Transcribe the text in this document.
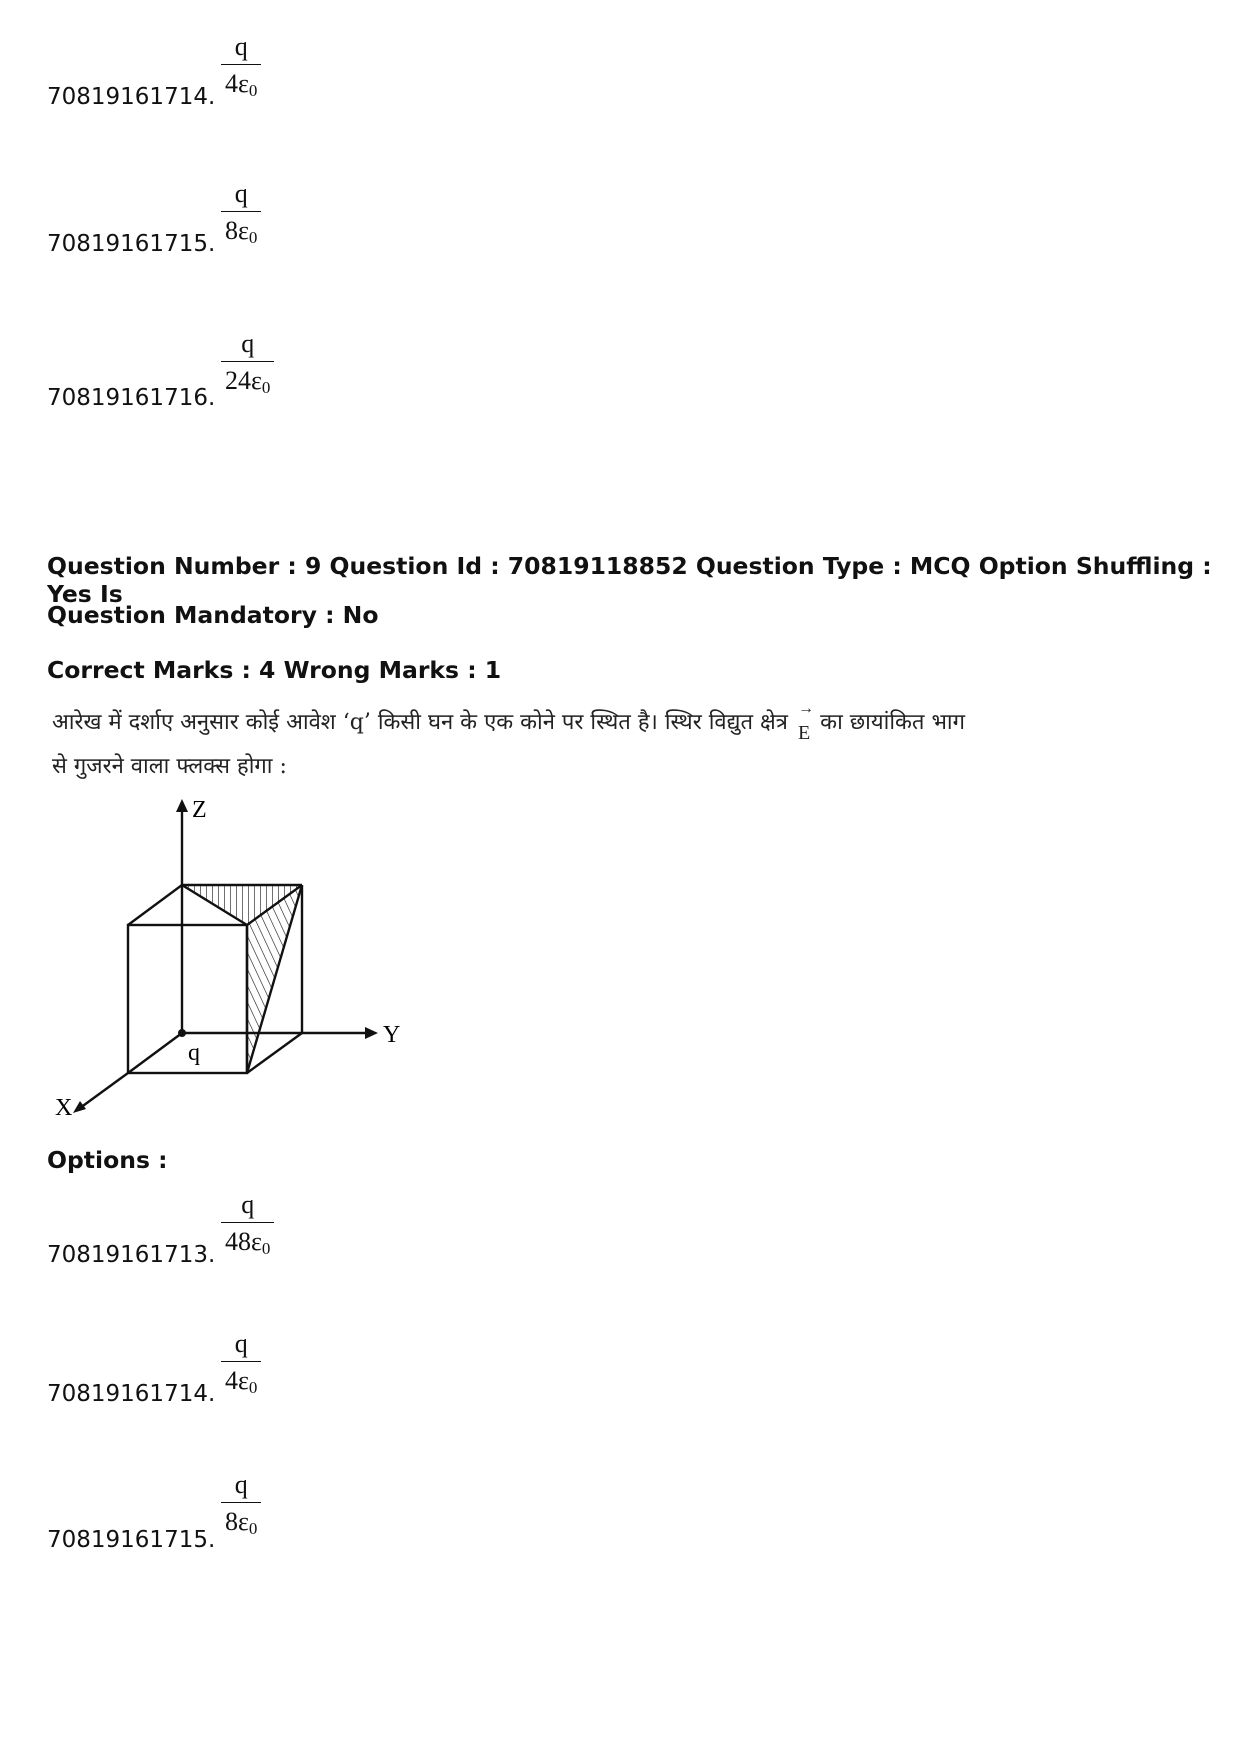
70819161714. $\frac{q}{4\varepsilon_0}$
70819161715. $\frac{q}{8\varepsilon_0}$
70819161716.
$\frac{q}{24\varepsilon_0}$
Question Number : 9 Question Id : 70819118852 Question Type : MCQ Option Shuffling : Yes Is
Question Mandatory : No
Correct Marks : 4 Wrong Marks : 1
आरेख में दर्शाए अनुसार कोई आवेश ‘q’ किसी घन के एक कोने पर स्थित है। स्थिर विद्युत क्षेत्र→ E का छायांकित भाग
से गुजरने वाला फ्लक्स होगा :
Z
Y
X
q
Options :
70819161713. $\frac{q}{48\varepsilon_0}$
70819161714. $\frac{q}{4\varepsilon_0}$
70819161715.
$\frac{q}{8\varepsilon_0}$
